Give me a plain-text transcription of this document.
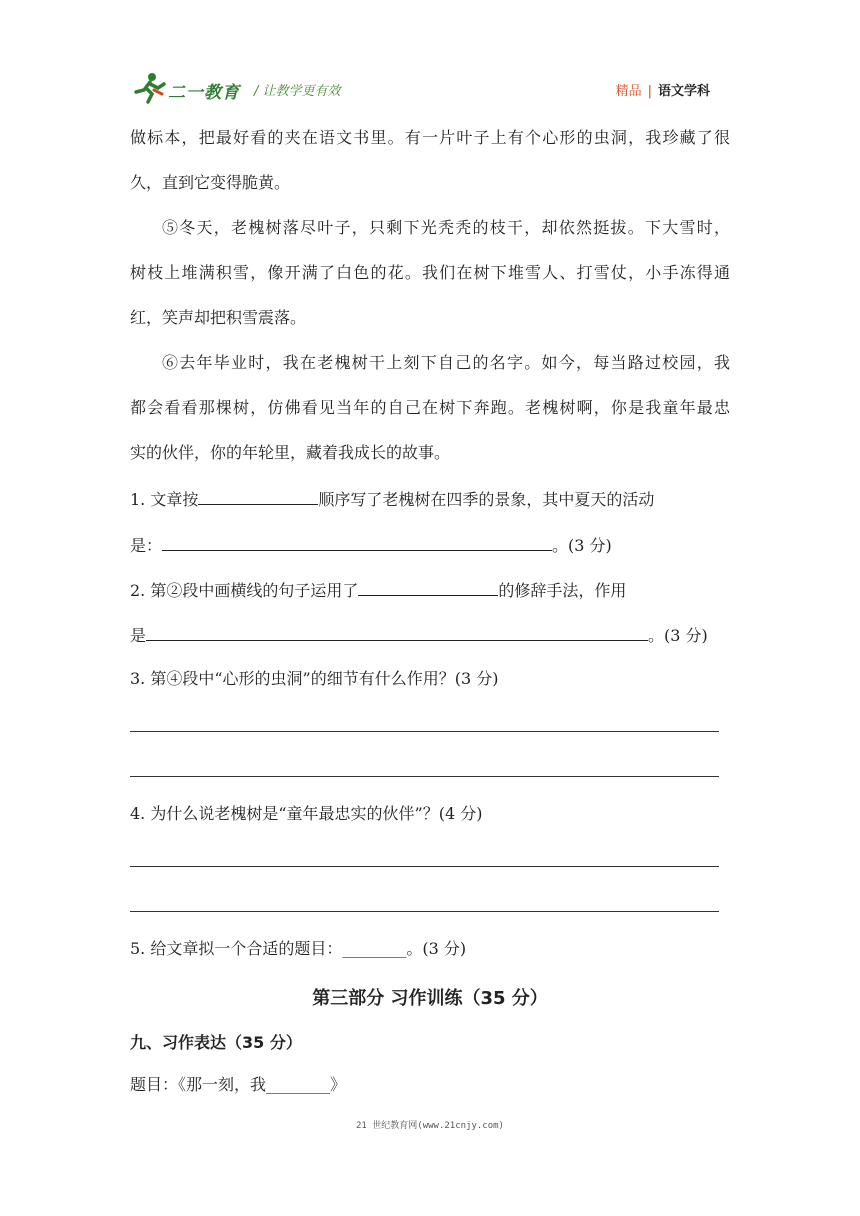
二一教育 / 让教学更有效	精品 | 语文学科
做标本，把最好看的夹在语文书里。有一片叶子上有个心形的虫洞，我珍藏了很
久，直到它变得脆黄。
⑤冬天，老槐树落尽叶子，只剩下光秃秃的枝干，却依然挺拔。下大雪时，
树枝上堆满积雪，像开满了白色的花。我们在树下堆雪人、打雪仗，小手冻得通
红，笑声却把积雪震落。
⑥去年毕业时，我在老槐树干上刻下自己的名字。如今，每当路过校园，我
都会看看那棵树，仿佛看见当年的自己在树下奔跑。老槐树啊，你是我童年最忠
实的伙伴，你的年轮里，藏着我成长的故事。
1. 文章按	顺序写了老槐树在四季的景象，其中夏天的活动
是：	。(3 分)
2. 第②段中画横线的句子运用了	的修辞手法，作用
是	。(3 分)
3. 第④段中“心形的虫洞”的细节有什么作用？(3 分)
4. 为什么说老槐树是“童年最忠实的伙伴”？(4 分)
5. 给文章拟一个合适的题目：________。(3 分)
第三部分 习作训练（35 分）
九、习作表达（35 分）
题目：《那一刻，我________》
21 世纪教育网(www.21cnjy.com)
